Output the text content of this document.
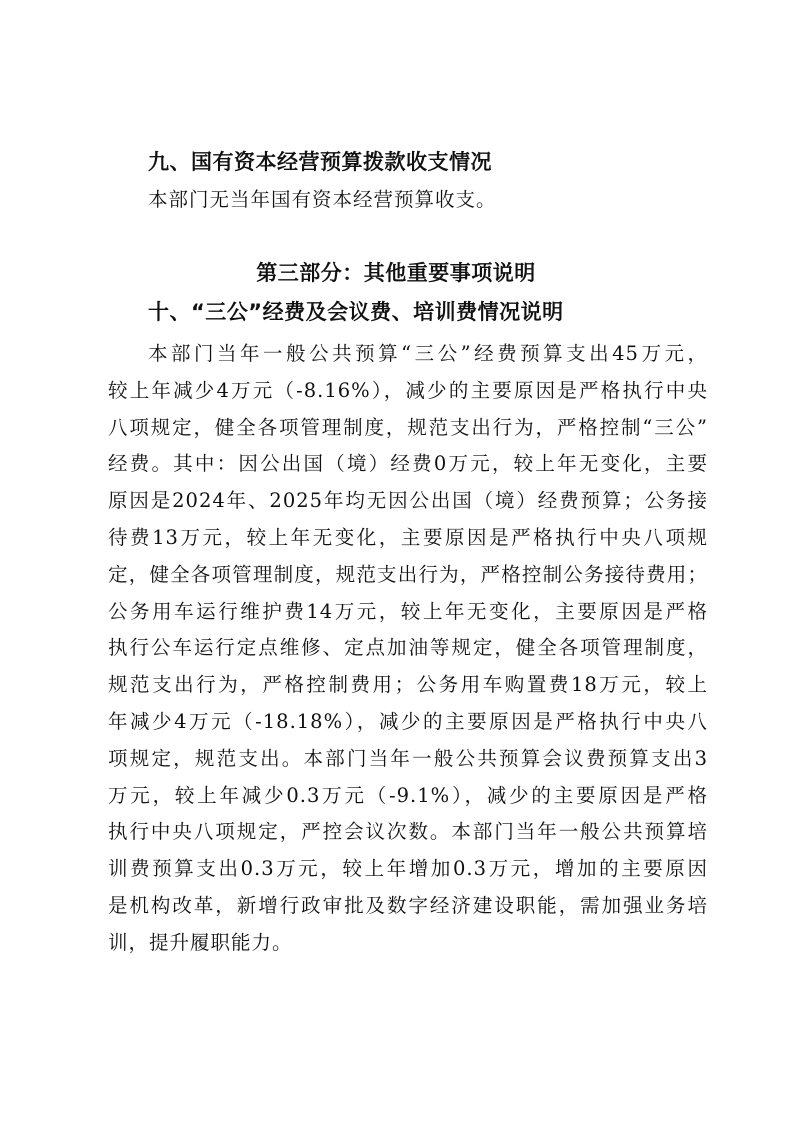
九、国有资本经营预算拨款收支情况
本部门无当年国有资本经营预算收支。
第三部分：其他重要事项说明
十、“三公”经费及会议费、培训费情况说明
本部门当年一般公共预算“三公”经费预算支出45万元，
较上年减少4万元（-8.16%），减少的主要原因是严格执行中央
八项规定，健全各项管理制度，规范支出行为，严格控制“三公”
经费。其中：因公出国（境）经费0万元，较上年无变化，主要
原因是2024年、2025年均无因公出国（境）经费预算；公务接
待费13万元，较上年无变化，主要原因是严格执行中央八项规
定，健全各项管理制度，规范支出行为，严格控制公务接待费用；
公务用车运行维护费14万元，较上年无变化，主要原因是严格
执行公车运行定点维修、定点加油等规定，健全各项管理制度，
规范支出行为，严格控制费用；公务用车购置费18万元，较上
年减少4万元（-18.18%），减少的主要原因是严格执行中央八
项规定，规范支出。本部门当年一般公共预算会议费预算支出3
万元，较上年减少0.3万元（-9.1%），减少的主要原因是严格
执行中央八项规定，严控会议次数。本部门当年一般公共预算培
训费预算支出0.3万元，较上年增加0.3万元，增加的主要原因
是机构改革，新增行政审批及数字经济建设职能，需加强业务培
训，提升履职能力。
